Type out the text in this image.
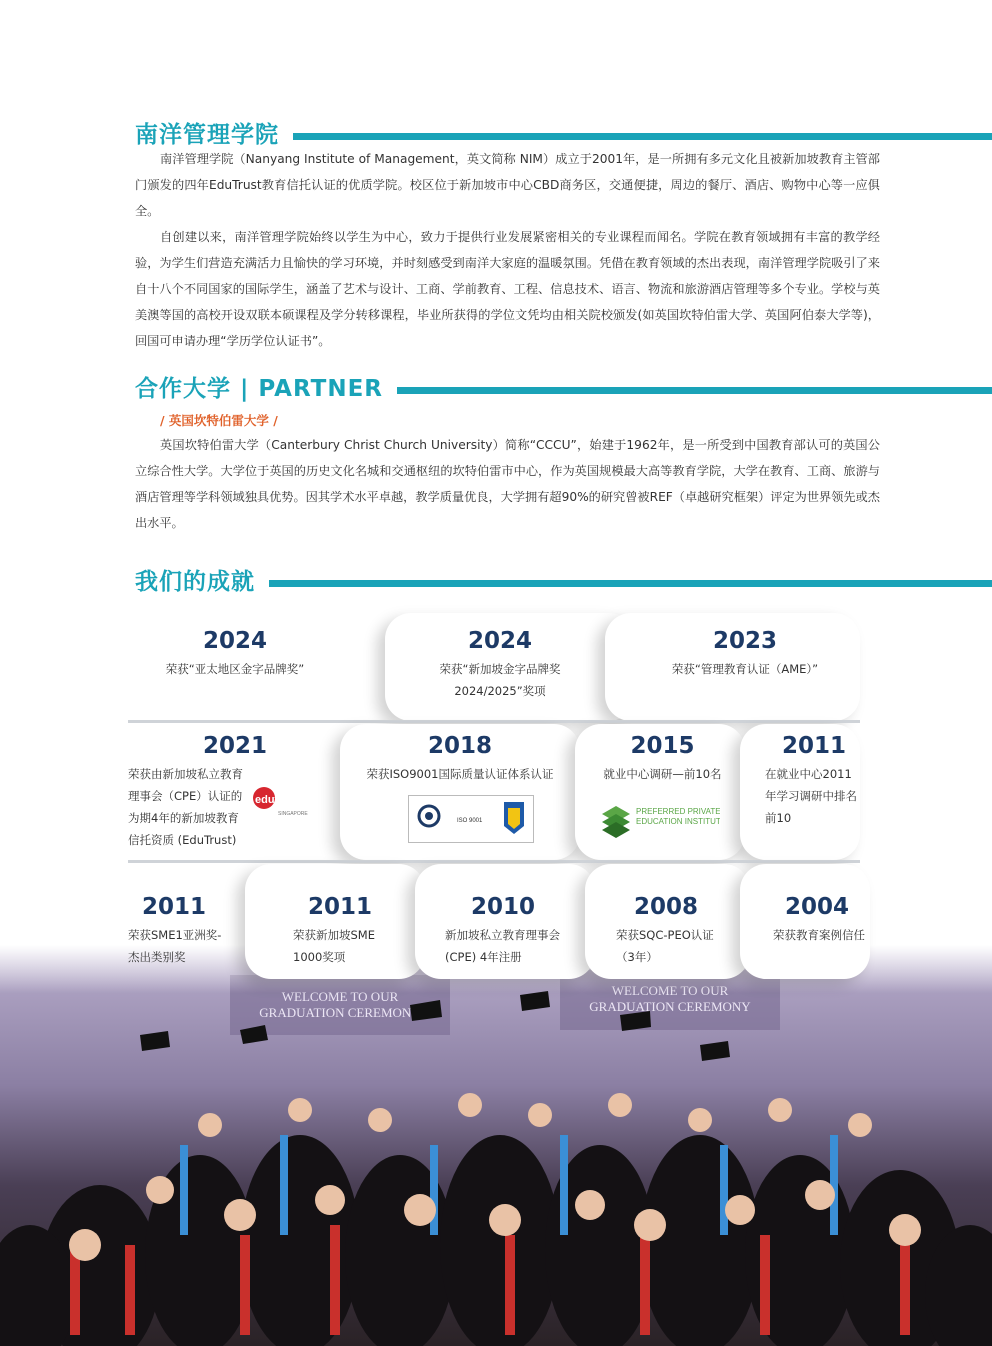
南洋管理学院

南洋管理学院（Nanyang Institute of Management，英文简称 NIM）成立于2001年，是一所拥有多元文化且被新加坡教育主管部门颁发的四年EduTrust教育信托认证的优质学院。校区位于新加坡市中心CBD商务区，交通便捷，周边的餐厅、酒店、购物中心等一应俱全。

自创建以来，南洋管理学院始终以学生为中心，致力于提供行业发展紧密相关的专业课程而闻名。学院在教育领域拥有丰富的教学经验，为学生们营造充满活力且愉快的学习环境，并时刻感受到南洋大家庭的温暖氛围。凭借在教育领域的杰出表现，南洋管理学院吸引了来自十八个不同国家的国际学生，涵盖了艺术与设计、工商、学前教育、工程、信息技术、语言、物流和旅游酒店管理等多个专业。学校与英美澳等国的高校开设双联本硕课程及学分转移课程，毕业所获得的学位文凭均由相关院校颁发(如英国坎特伯雷大学、英国阿伯泰大学等)，回国可申请办理“学历学位认证书”。

合作大学 | PARTNER
/ 英国坎特伯雷大学 /

英国坎特伯雷大学（Canterbury Christ Church University）简称“CCCU”，始建于1962年，是一所受到中国教育部认可的英国公立综合性大学。大学位于英国的历史文化名城和交通枢纽的坎特伯雷市中心，作为英国规模最大高等教育学院，大学在教育、工商、旅游与酒店管理等学科领域独具优势。因其学术水平卓越，教学质量优良，大学拥有超90%的研究曾被REF（卓越研究框架）评定为世界领先或杰出水平。

我们的成就
2024
荣获“亚太地区金字品牌奖”
2024
荣获“新加坡金字品牌奖 2024/2025”奖项
2023
荣获“管理教育认证（AME）”
2021
荣获由新加坡私立教育理事会（CPE）认证的为期4年的新加坡教育信托资质 (EduTrust)
edutrust
SINGAPORE
2018
荣获ISO9001国际质量认证体系认证
ISO 9001
2015
就业中心调研—前10名
PREFERRED PRIVATE
EDUCATION INSTITUTE
2011
在就业中心2011年学习调研中排名前10
2011
荣获SME1亚洲奖-杰出类别奖
2011
荣获新加坡SME 1000奖项
2010
新加坡私立教育理事会 (CPE) 4年注册
2008
荣获SQC-PEO认证（3年）
2004
荣获教育案例信任
